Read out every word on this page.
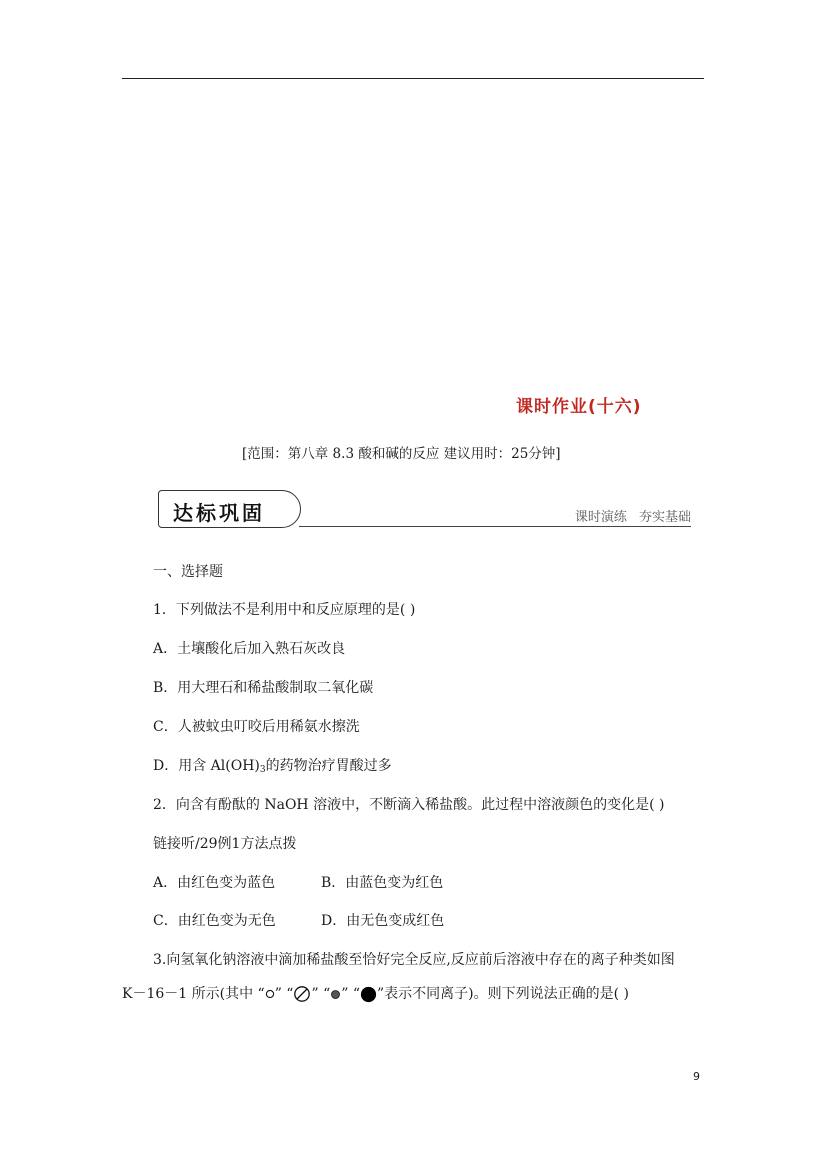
课时作业(十六)
[范围：第八章 8.3 酸和碱的反应 建议用时：25分钟]
达标巩固	课时演练 夯实基础
一、选择题
1．下列做法不是利用中和反应原理的是( )
A．土壤酸化后加入熟石灰改良
B．用大理石和稀盐酸制取二氧化碳
C．人被蚊虫叮咬后用稀氨水擦洗
D．用含 Al(OH)3的药物治疗胃酸过多
2．向含有酚酞的 NaOH 溶液中，不断滴入稀盐酸。此过程中溶液颜色的变化是( )
链接听/29例1方法点拨
A．由红色变为蓝色	B．由蓝色变为红色
C．由红色变为无色	D．由无色变成红色
3.向氢氧化钠溶液中滴加稀盐酸至恰好完全反应,反应前后溶液中存在的离子种类如图
K－16－1 所示(其中 “ ” “ ” “ ” “ ”表示不同离子)。则下列说法正确的是( )
9
